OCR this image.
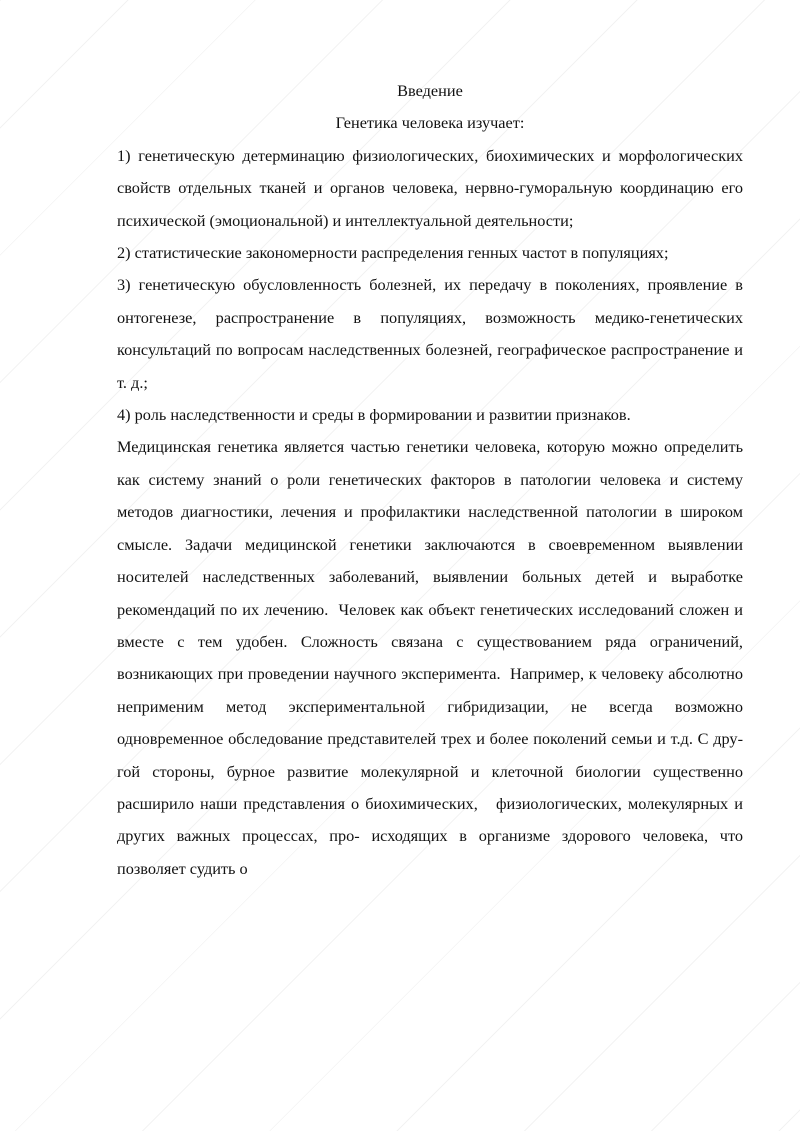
Введение

Генетика человека изучает:

1) генетическую детерминацию физиологических, биохимических и морфологических свойств отдельных тканей и органов человека, нервно-гуморальную координацию его психической (эмоциональной) и интеллектуальной деятельности;

2) статистические закономерности распределения генных частот в популяциях;

3) генетическую обусловленность болезней, их передачу в поколениях, проявление в онтогенезе, распространение в популяциях, возможность медико-генетических консультаций по вопросам наследственных болезней, географическое распространение и т. д.;

4) роль наследственности и среды в формировании и развитии признаков.

Медицинская генетика является частью генетики человека, которую можно определить как систему знаний о роли генетических факторов в патологии человека и систему методов диагностики, лечения и профилактики наследственной патологии в широком смысле. Задачи медицинской генетики заключаются в своевременном выявлении носителей наследственных заболеваний, выявлении больных детей и выработке рекомендаций по их лечению.  Человек как объект генетических исследований сложен и вместе с тем удобен. Сложность связана с существованием ряда ограничений, возникающих при проведении научного эксперимента.  Например, к человеку абсолютно неприменим метод экспериментальной гибридизации, не всегда возможно одновременное обследование представителей трех и более поколений семьи и т.д. С дру- гой стороны, бурное развитие молекулярной и клеточной биологии существенно расширило наши представления о биохимических,   физиологических, молекулярных и других важных процессах, про- исходящих в организме здорового человека, что позволяет судить о
